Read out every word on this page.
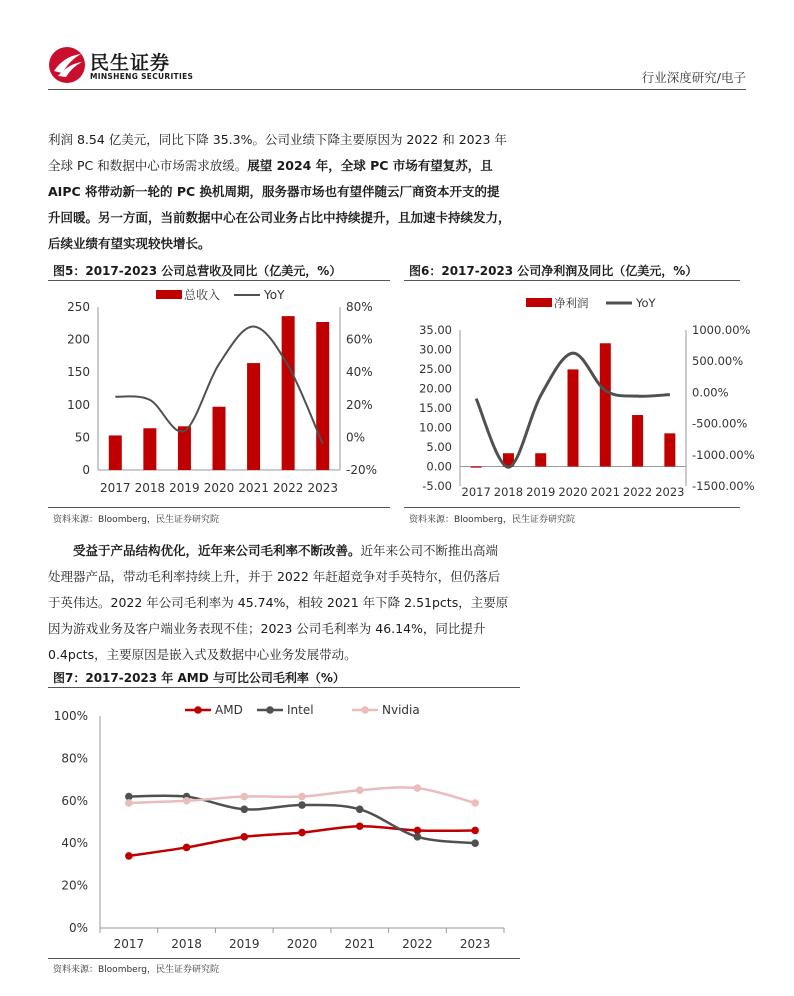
民生证券
MINSHENG SECURITIES	行业深度研究/电子
利润 8.54 亿美元，同比下降 35.3%。公司业绩下降主要原因为 2022 和 2023 年
全球 PC 和数据中心市场需求放缓。展望 2024 年，全球 PC 市场有望复苏，且
AIPC 将带动新一轮的 PC 换机周期，服务器市场也有望伴随云厂商资本开支的提
升回暖。另一方面，当前数据中心在公司业务占比中持续提升，且加速卡持续发力，
后续业绩有望实现较快增长。
图5：2017-2023 公司总营收及同比（亿美元，%）
0
50
100
150
200
250
-20%
0%
20%
40%
60%
80%
2017 2018 2019 2020 2021 2022 2023
总收入	YoY
资料来源：Bloomberg，民生证券研究院
图6：2017-2023 公司净利润及同比（亿美元，%）
-5.00
0.00
5.00
10.00
15.00
20.00
25.00
30.00
35.00
-1500.00%
-1000.00%
-500.00%
0.00%
500.00%
1000.00%
2017 2018 2019 2020 2021 2022 2023
净利润	YoY
资料来源：Bloomberg，民生证券研究院
受益于产品结构优化，近年来公司毛利率不断改善。近年来公司不断推出高端
处理器产品，带动毛利率持续上升，并于 2022 年赶超竞争对手英特尔，但仍落后
于英伟达。2022 年公司毛利率为 45.74%，相较 2021 年下降 2.51pcts，主要原
因为游戏业务及客户端业务表现不佳；2023 公司毛利率为 46.14%，同比提升
0.4pcts，主要原因是嵌入式及数据中心业务发展带动。
图7：2017-2023 年 AMD 与可比公司毛利率（%）
0%
20%
40%
60%
80%
100%
2017 2018 2019 2020 2021 2022 2023
AMD	Intel	Nvidia
资料来源：Bloomberg，民生证券研究院
